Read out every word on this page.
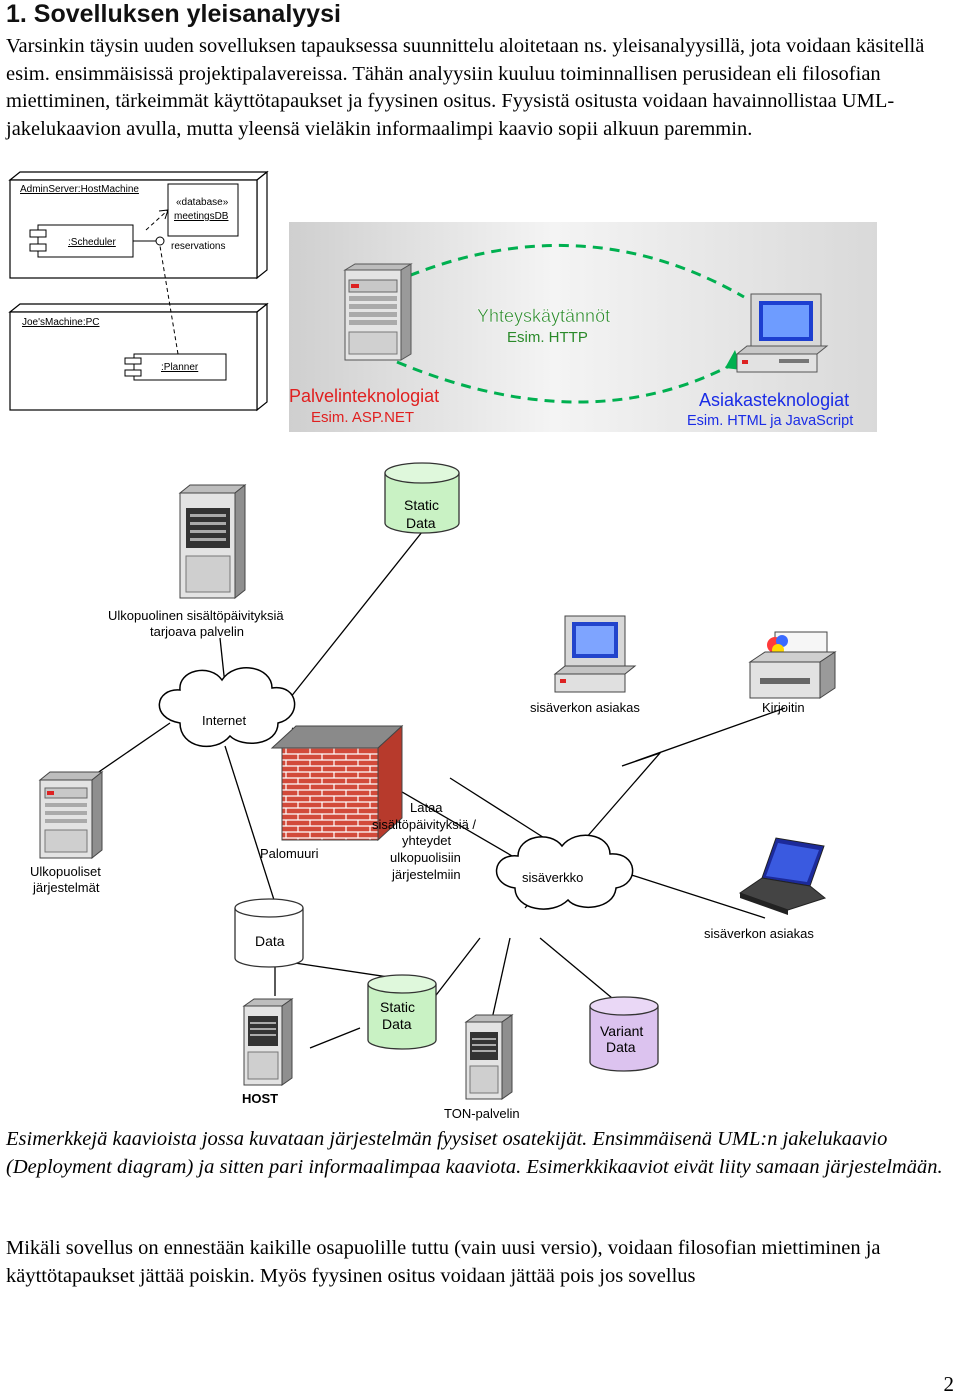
1. Sovelluksen yleisanalyysi

Varsinkin täysin uuden sovelluksen tapauksessa suunnittelu aloitetaan ns. yleisanalyysillä, jota voidaan käsitellä esim. ensimmäisissä projektipalavereissa. Tähän analyysiin kuuluu toiminnallisen perusidean eli filosofian miettiminen, tärkeimmät käyttötapaukset ja fyysinen ositus. Fyysistä ositusta voidaan havainnollistaa UML-jakelukaavion avulla, mutta yleensä vieläkin informaalimpi kaavio sopii alkuun paremmin.

AdminServer:HostMachine
«database»
meetingsDB
:Scheduler	reservations
Joe'sMachine:PC
:Planner
Yhteyskäytännöt
Esim. HTTP
Palvelinteknologiat
Esim. ASP.NET
Asiakasteknologiat
Esim. HTML ja JavaScript
Static
Data
Ulkopuolinen sisältöpäivityksiä
tarjoava palvelin
Internet
sisäverkon asiakas	Kirjoitin
Ulkopuoliset
järjestelmät
Palomuuri
Lataa
sisältöpäivityksiä /
yhteydet
ulkopuolisiin
järjestelmiin	sisäverkko
sisäverkon asiakas
Data
Static
Data	Variant
Data
HOST
TON-palvelin

Esimerkkejä kaavioista jossa kuvataan järjestelmän fyysiset osatekijät. Ensimmäisenä UML:n jakelukaavio (Deployment diagram) ja sitten pari informaalimpaa kaaviota. Esimerkkikaaviot eivät liity samaan järjestelmään.

Mikäli sovellus on ennestään kaikille osapuolille tuttu (vain uusi versio), voidaan filosofian miettiminen ja käyttötapaukset jättää poiskin. Myös fyysinen ositus voidaan jättää pois jos sovellus

2
